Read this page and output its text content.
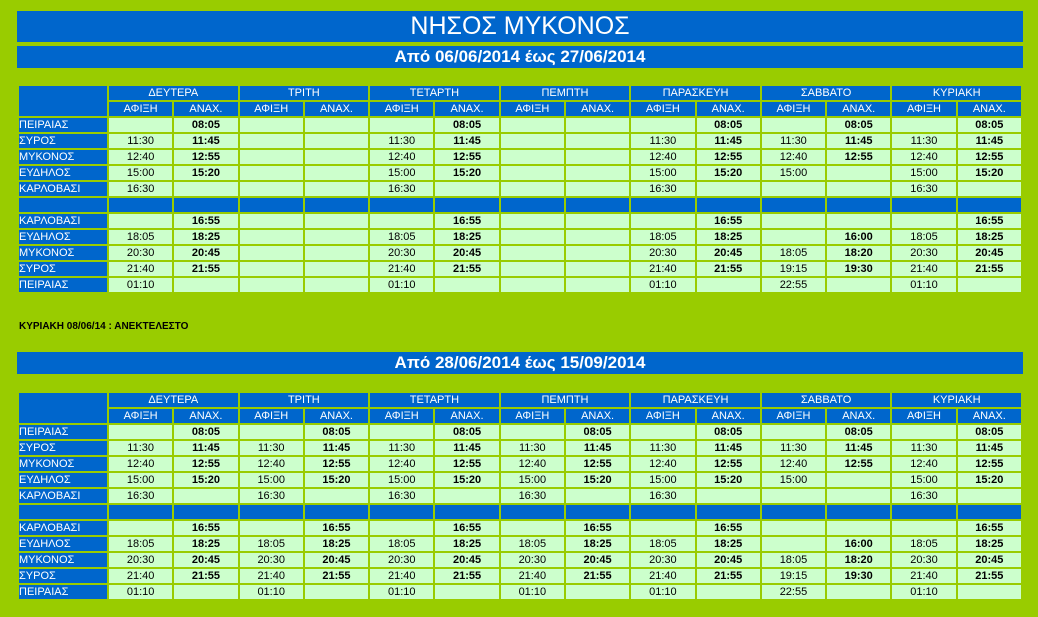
ΝΗΣΟΣ ΜΥΚΟΝΟΣ
Από 06/06/2014 έως 27/06/2014
	ΔΕΥΤΕΡΑ		ΤΡΙΤΗ		ΤΕΤΑΡΤΗ		ΠΕΜΠΤΗ		ΠΑΡΑΣΚΕΥΗ		ΣΑΒΒΑΤΟ		ΚΥΡΙΑΚΗ	
	ΑΦΙΞΗ	ΑΝΑΧ.	ΑΦΙΞΗ	ΑΝΑΧ.	ΑΦΙΞΗ	ΑΝΑΧ.	ΑΦΙΞΗ	ΑΝΑΧ.	ΑΦΙΞΗ	ΑΝΑΧ.	ΑΦΙΞΗ	ΑΝΑΧ.	ΑΦΙΞΗ	ΑΝΑΧ.
ΠΕΙΡΑΙΑΣ		08:05				08:05				08:05		08:05		08:05
ΣΥΡΟΣ	11:30	11:45			11:30	11:45			11:30	11:45	11:30	11:45	11:30	11:45
ΜΥΚΟΝΟΣ	12:40	12:55			12:40	12:55			12:40	12:55	12:40	12:55	12:40	12:55
ΕΥΔΗΛΟΣ	15:00	15:20			15:00	15:20			15:00	15:20	15:00		15:00	15:20
ΚΑΡΛΟΒΑΣΙ	16:30				16:30				16:30				16:30	

ΚΑΡΛΟΒΑΣΙ		16:55				16:55				16:55				16:55
ΕΥΔΗΛΟΣ	18:05	18:25			18:05	18:25			18:05	18:25		16:00	18:05	18:25
ΜΥΚΟΝΟΣ	20:30	20:45			20:30	20:45			20:30	20:45	18:05	18:20	20:30	20:45
ΣΥΡΟΣ	21:40	21:55			21:40	21:55			21:40	21:55	19:15	19:30	21:40	21:55
ΠΕΙΡΑΙΑΣ	01:10				01:10				01:10		22:55		01:10	
ΚΥΡΙΑΚΗ 08/06/14 : ΑΝΕΚΤΕΛΕΣΤΟ
Από 28/06/2014 έως 15/09/2014
	ΔΕΥΤΕΡΑ		ΤΡΙΤΗ		ΤΕΤΑΡΤΗ		ΠΕΜΠΤΗ		ΠΑΡΑΣΚΕΥΗ		ΣΑΒΒΑΤΟ		ΚΥΡΙΑΚΗ	
	ΑΦΙΞΗ	ΑΝΑΧ.	ΑΦΙΞΗ	ΑΝΑΧ.	ΑΦΙΞΗ	ΑΝΑΧ.	ΑΦΙΞΗ	ΑΝΑΧ.	ΑΦΙΞΗ	ΑΝΑΧ.	ΑΦΙΞΗ	ΑΝΑΧ.	ΑΦΙΞΗ	ΑΝΑΧ.
ΠΕΙΡΑΙΑΣ		08:05		08:05		08:05		08:05		08:05		08:05		08:05
ΣΥΡΟΣ	11:30	11:45	11:30	11:45	11:30	11:45	11:30	11:45	11:30	11:45	11:30	11:45	11:30	11:45
ΜΥΚΟΝΟΣ	12:40	12:55	12:40	12:55	12:40	12:55	12:40	12:55	12:40	12:55	12:40	12:55	12:40	12:55
ΕΥΔΗΛΟΣ	15:00	15:20	15:00	15:20	15:00	15:20	15:00	15:20	15:00	15:20	15:00		15:00	15:20
ΚΑΡΛΟΒΑΣΙ	16:30		16:30		16:30		16:30		16:30				16:30	

ΚΑΡΛΟΒΑΣΙ		16:55		16:55		16:55		16:55		16:55				16:55
ΕΥΔΗΛΟΣ	18:05	18:25	18:05	18:25	18:05	18:25	18:05	18:25	18:05	18:25		16:00	18:05	18:25
ΜΥΚΟΝΟΣ	20:30	20:45	20:30	20:45	20:30	20:45	20:30	20:45	20:30	20:45	18:05	18:20	20:30	20:45
ΣΥΡΟΣ	21:40	21:55	21:40	21:55	21:40	21:55	21:40	21:55	21:40	21:55	19:15	19:30	21:40	21:55
ΠΕΙΡΑΙΑΣ	01:10		01:10		01:10		01:10		01:10		22:55		01:10	
